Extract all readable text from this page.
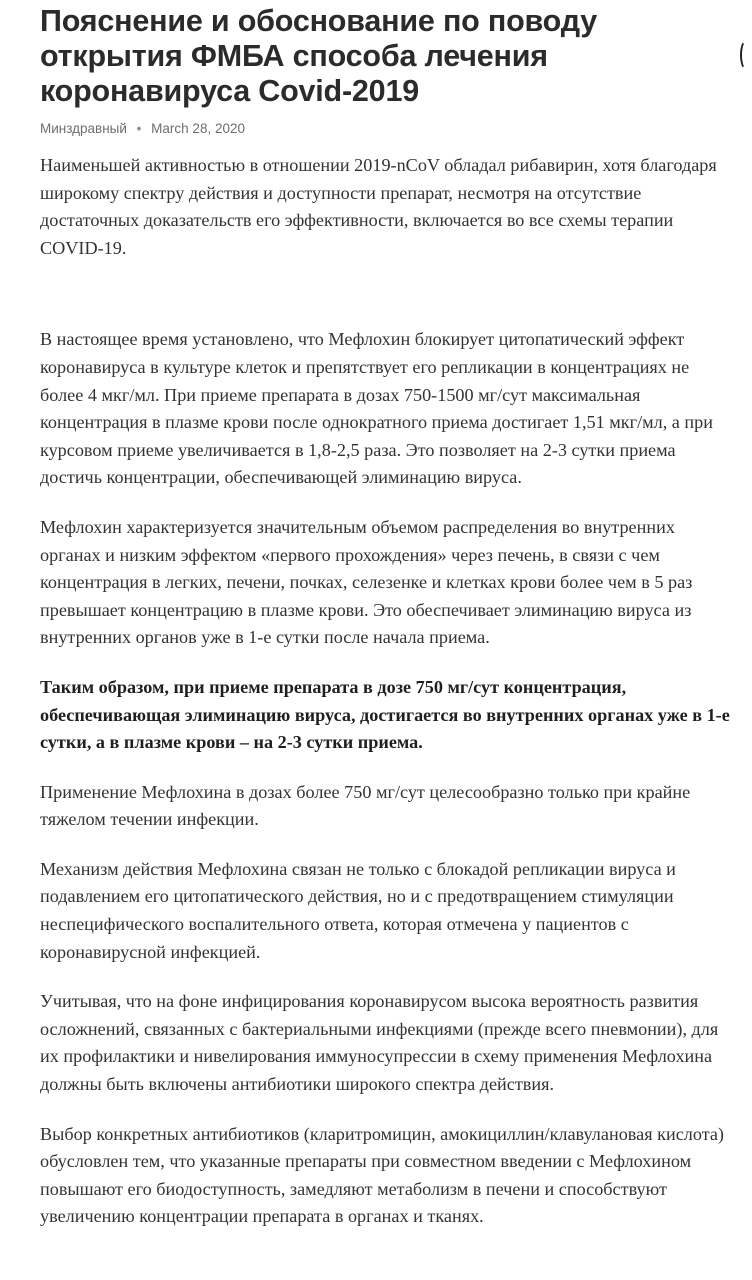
Пояснение и обоснование по поводу открытия ФМБА способа лечения коронавируса Covid-2019
Минздравный • March 28, 2020

Наименьшей активностью в отношении 2019-nCoV обладал рибавирин, хотя благодаря широкому спектру действия и доступности препарат, несмотря на отсутствие достаточных доказательств его эффективности, включается во все схемы терапии COVID-19.

В настоящее время установлено, что Мефлохин блокирует цитопатический эффект коронавируса в культуре клеток и препятствует его репликации в концентрациях не более 4 мкг/мл. При приеме препарата в дозах 750-1500 мг/сут максимальная концентрация в плазме крови после однократного приема достигает 1,51 мкг/мл, а при курсовом приеме увеличивается в 1,8-2,5 раза. Это позволяет на 2-3 сутки приема достичь концентрации, обеспечивающей элиминацию вируса.

Мефлохин характеризуется значительным объемом распределения во внутренних органах и низким эффектом «первого прохождения» через печень, в связи с чем концентрация в легких, печени, почках, селезенке и клетках крови более чем в 5 раз превышает концентрацию в плазме крови. Это обеспечивает элиминацию вируса из внутренних органов уже в 1-е сутки после начала приема.

Таким образом, при приеме препарата в дозе 750 мг/сут концентрация, обеспечивающая элиминацию вируса, достигается во внутренних органах уже в 1-е сутки, а в плазме крови – на 2-3 сутки приема.

Применение Мефлохина в дозах более 750 мг/сут целесообразно только при крайне тяжелом течении инфекции.

Механизм действия Мефлохина связан не только с блокадой репликации вируса и подавлением его цитопатического действия, но и с предотвращением стимуляции неспецифического воспалительного ответа, которая отмечена у пациентов с коронавирусной инфекцией.

Учитывая, что на фоне инфицирования коронавирусом высока вероятность развития осложнений, связанных с бактериальными инфекциями (прежде всего пневмонии), для их профилактики и нивелирования иммуносупрессии в схему применения Мефлохина должны быть включены антибиотики широкого спектра действия.

Выбор конкретных антибиотиков (кларитромицин, амокициллин/клавулановая кислота) обусловлен тем, что указанные препараты при совместном введении с Мефлохином повышают его биодоступность, замедляют метаболизм в печени и способствуют увеличению концентрации препарата в органах и тканях.
